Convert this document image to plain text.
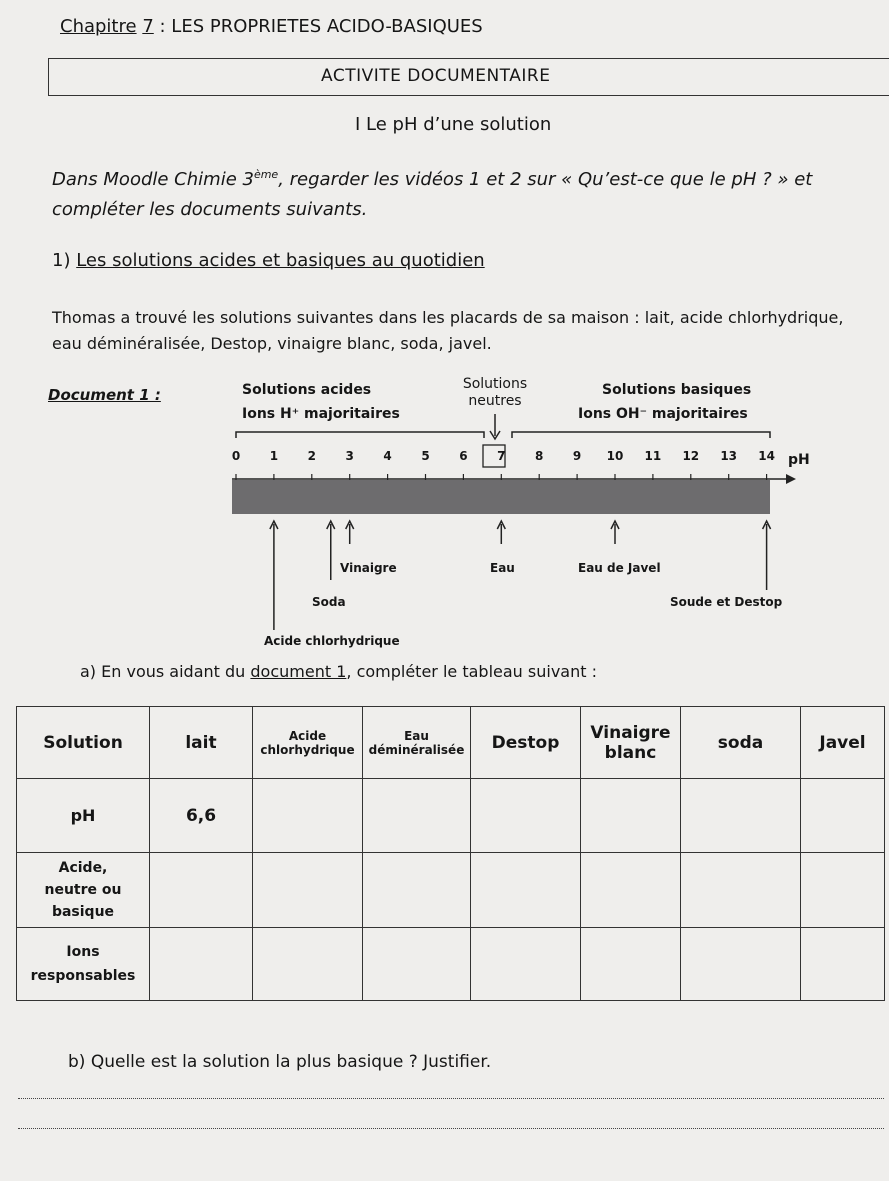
Chapitre 7 : LES PROPRIETES ACIDO-BASIQUES
ACTIVITE DOCUMENTAIRE
I Le pH d’une solution
Dans Moodle Chimie 3ème, regarder les vidéos 1 et 2 sur « Qu’est-ce que le pH ? » et compléter les documents suivants.
1) Les solutions acides et basiques au quotidien
Thomas a trouvé les solutions suivantes dans les placards de sa maison : lait, acide chlorhydrique, eau déminéralisée, Destop, vinaigre blanc, soda, javel.
Document 1 :	Solutions acides
Ions H⁺ majoritaires
Solutions
neutres
Solutions basiques
Ions OH⁻ majoritaires
0	1	2	3	4	5	6	7	8	9	10	11	12	13	14 pH
Vinaigre	Eau	Eau de Javel
Soda	Soude et Destop
Acide chlorhydrique
a) En vous aidant du document 1, compléter le tableau suivant :
Solution	lait	Acide chlorhydrique	Eau déminéralisée	Destop	Vinaigre blanc	soda	Javel
pH	6,6						
Acide, neutre ou basique							
Ions responsables							
b) Quelle est la solution la plus basique ? Justifier.
